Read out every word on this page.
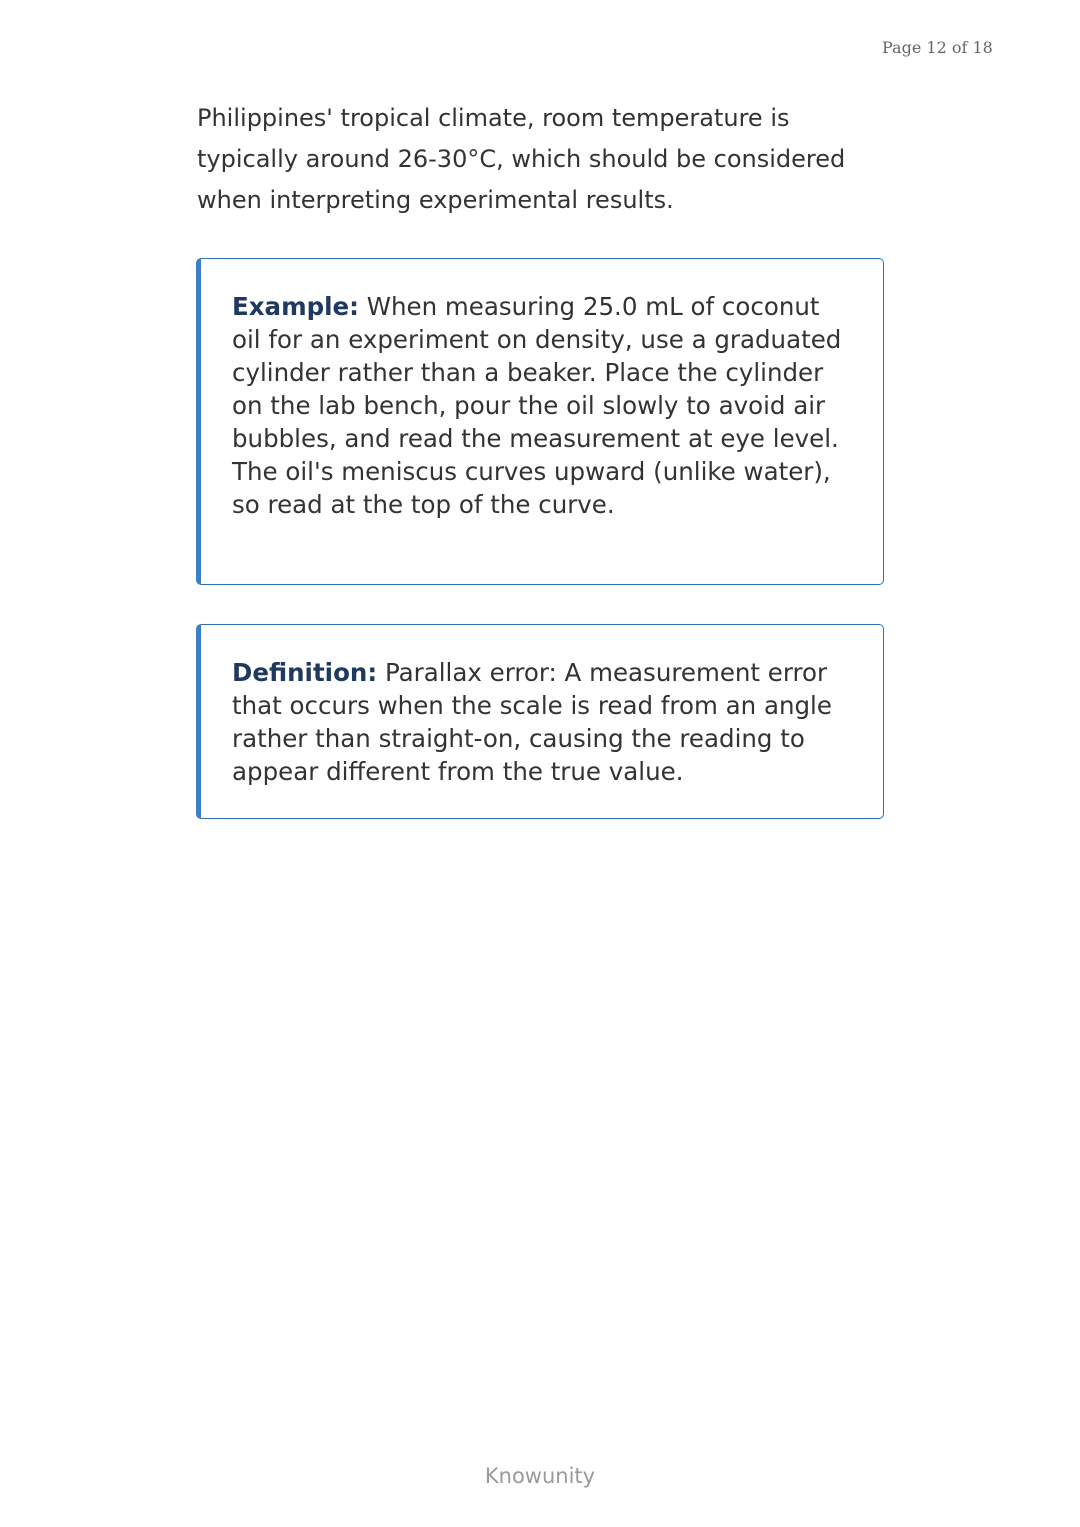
Page 12 of 18

Philippines' tropical climate, room temperature is typically around 26-30°C, which should be considered when interpreting experimental results.

Example: When measuring 25.0 mL of coconut oil for an experiment on density, use a graduated cylinder rather than a beaker. Place the cylinder on the lab bench, pour the oil slowly to avoid air bubbles, and read the measurement at eye level. The oil's meniscus curves upward (unlike water), so read at the top of the curve.

Definition: Parallax error: A measurement error that occurs when the scale is read from an angle rather than straight-on, causing the reading to appear different from the true value.

Knowunity
